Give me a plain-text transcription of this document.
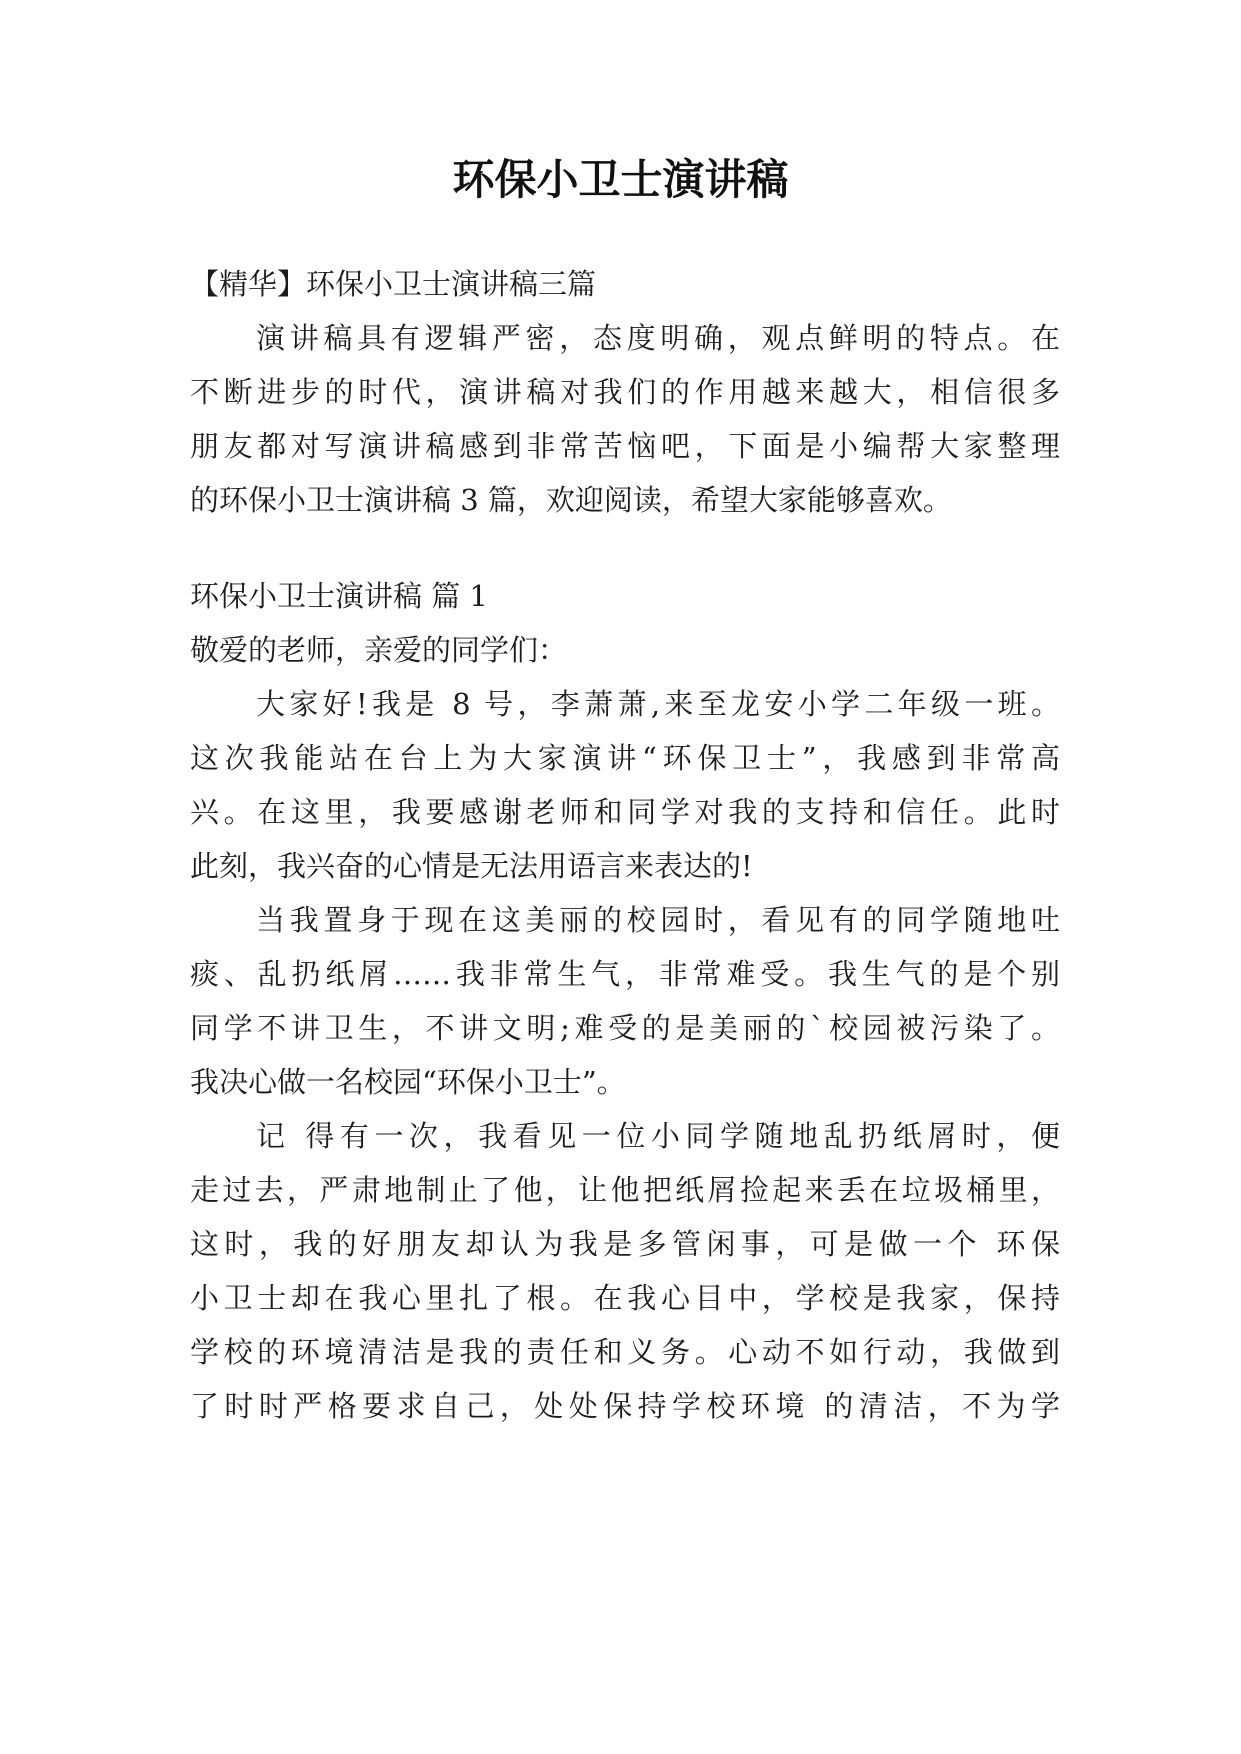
环保小卫士演讲稿

【精华】环保小卫士演讲稿三篇

演讲稿具有逻辑严密，态度明确，观点鲜明的特点。在

不断进步的时代，演讲稿对我们的作用越来越大，相信很多

朋友都对写演讲稿感到非常苦恼吧，下面是小编帮大家整理

的环保小卫士演讲稿 3 篇，欢迎阅读，希望大家能够喜欢。

环保小卫士演讲稿 篇 1

敬爱的老师，亲爱的同学们：

大家好!我是 8 号，李萧萧,来至龙安小学二年级一班。

这次我能站在台上为大家演讲“环保卫士”，我感到非常高

兴。在这里，我要感谢老师和同学对我的支持和信任。此时

此刻，我兴奋的心情是无法用语言来表达的!

当我置身于现在这美丽的校园时，看见有的同学随地吐

痰、乱扔纸屑……我非常生气，非常难受。我生气的是个别

同学不讲卫生，不讲文明;难受的是美丽的`校园被污染了。

我决心做一名校园“环保小卫士”。

记 得有一次，我看见一位小同学随地乱扔纸屑时，便

走过去，严肃地制止了他，让他把纸屑捡起来丢在垃圾桶里，

这时，我的好朋友却认为我是多管闲事，可是做一个 环保

小卫士却在我心里扎了根。在我心目中，学校是我家，保持

学校的环境清洁是我的责任和义务。心动不如行动，我做到

了时时严格要求自己，处处保持学校环境 的清洁，不为学
